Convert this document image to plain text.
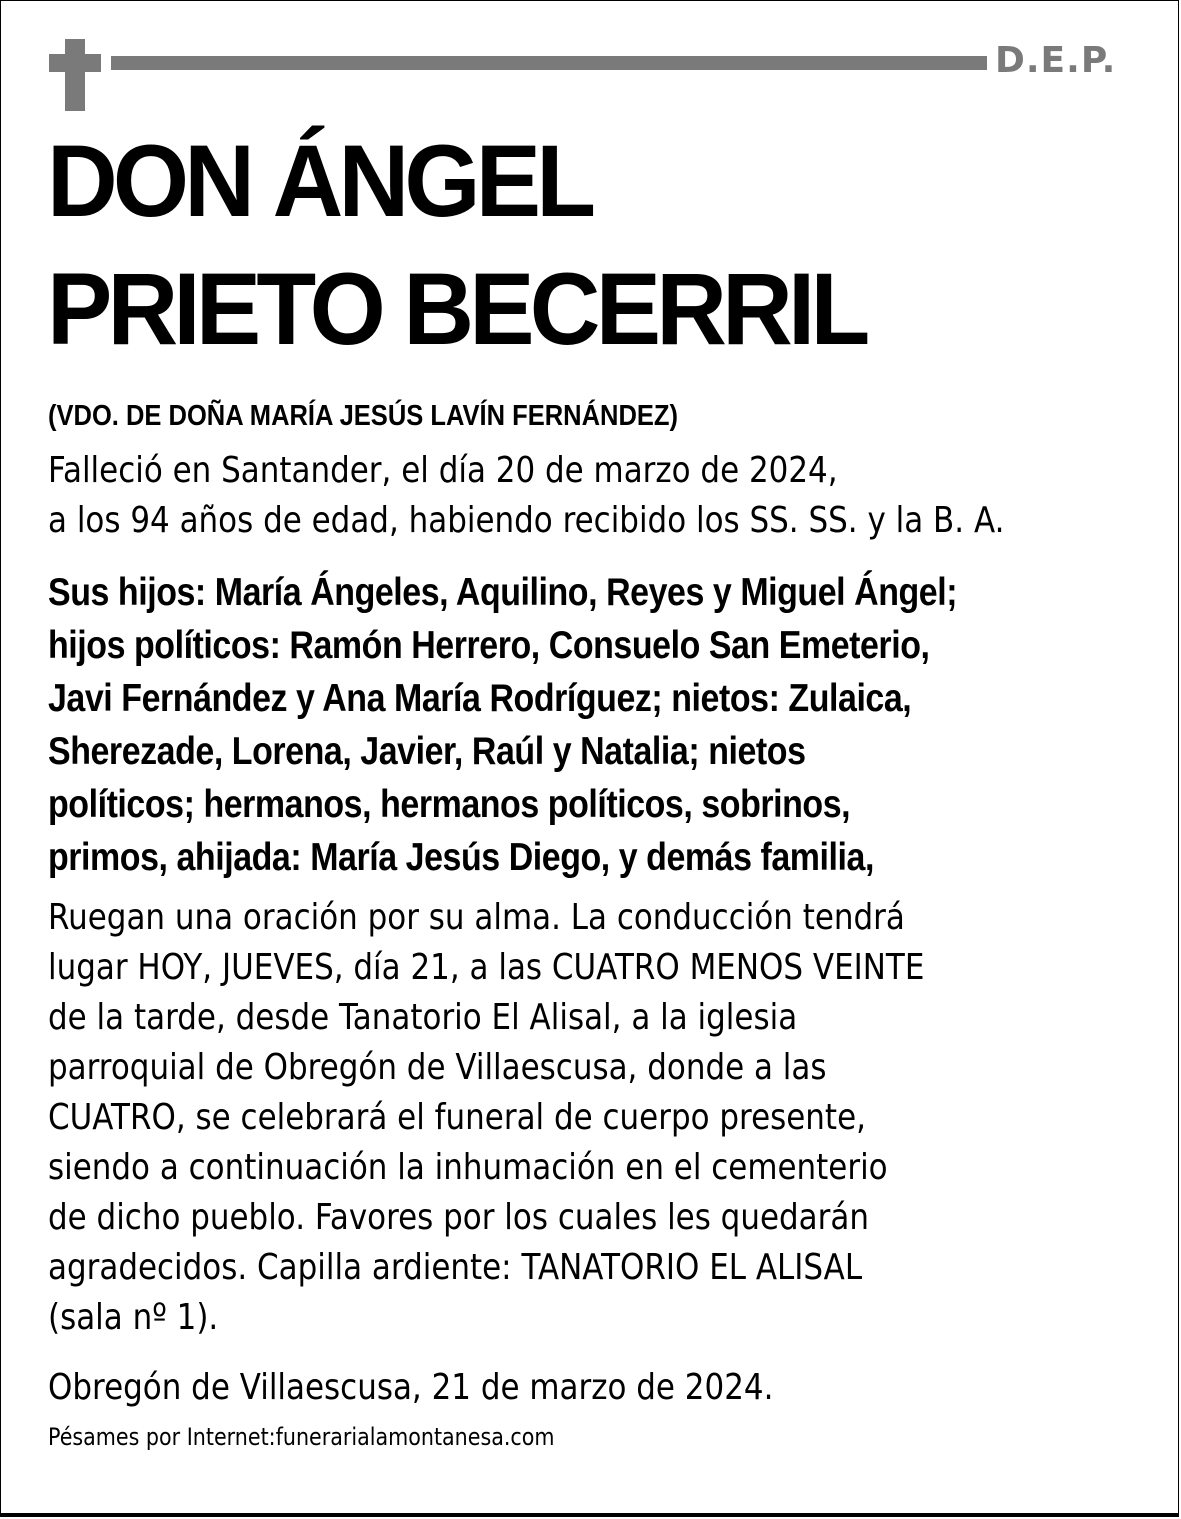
D.E.P.
DON ÁNGEL
PRIETO BECERRIL
(VDO. DE DOÑA MARÍA JESÚS LAVÍN FERNÁNDEZ)
Falleció en Santander, el día 20 de marzo de 2024,
a los 94 años de edad, habiendo recibido los SS. SS. y la B. A.
Sus hijos: María Ángeles, Aquilino, Reyes y Miguel Ángel;
hijos políticos: Ramón Herrero, Consuelo San Emeterio,
Javi Fernández y Ana María Rodríguez; nietos: Zulaica,
Sherezade, Lorena, Javier, Raúl y Natalia; nietos
políticos; hermanos, hermanos políticos, sobrinos,
primos, ahijada: María Jesús Diego, y demás familia,
Ruegan una oración por su alma. La conducción tendrá
lugar HOY, JUEVES, día 21, a las CUATRO MENOS VEINTE
de la tarde, desde Tanatorio El Alisal, a la iglesia
parroquial de Obregón de Villaescusa, donde a las
CUATRO, se celebrará el funeral de cuerpo presente,
siendo a continuación la inhumación en el cementerio
de dicho pueblo. Favores por los cuales les quedarán
agradecidos. Capilla ardiente: TANATORIO EL ALISAL
(sala nº 1).
Obregón de Villaescusa, 21 de marzo de 2024.
Pésames por Internet:funerarialamontanesa.com
